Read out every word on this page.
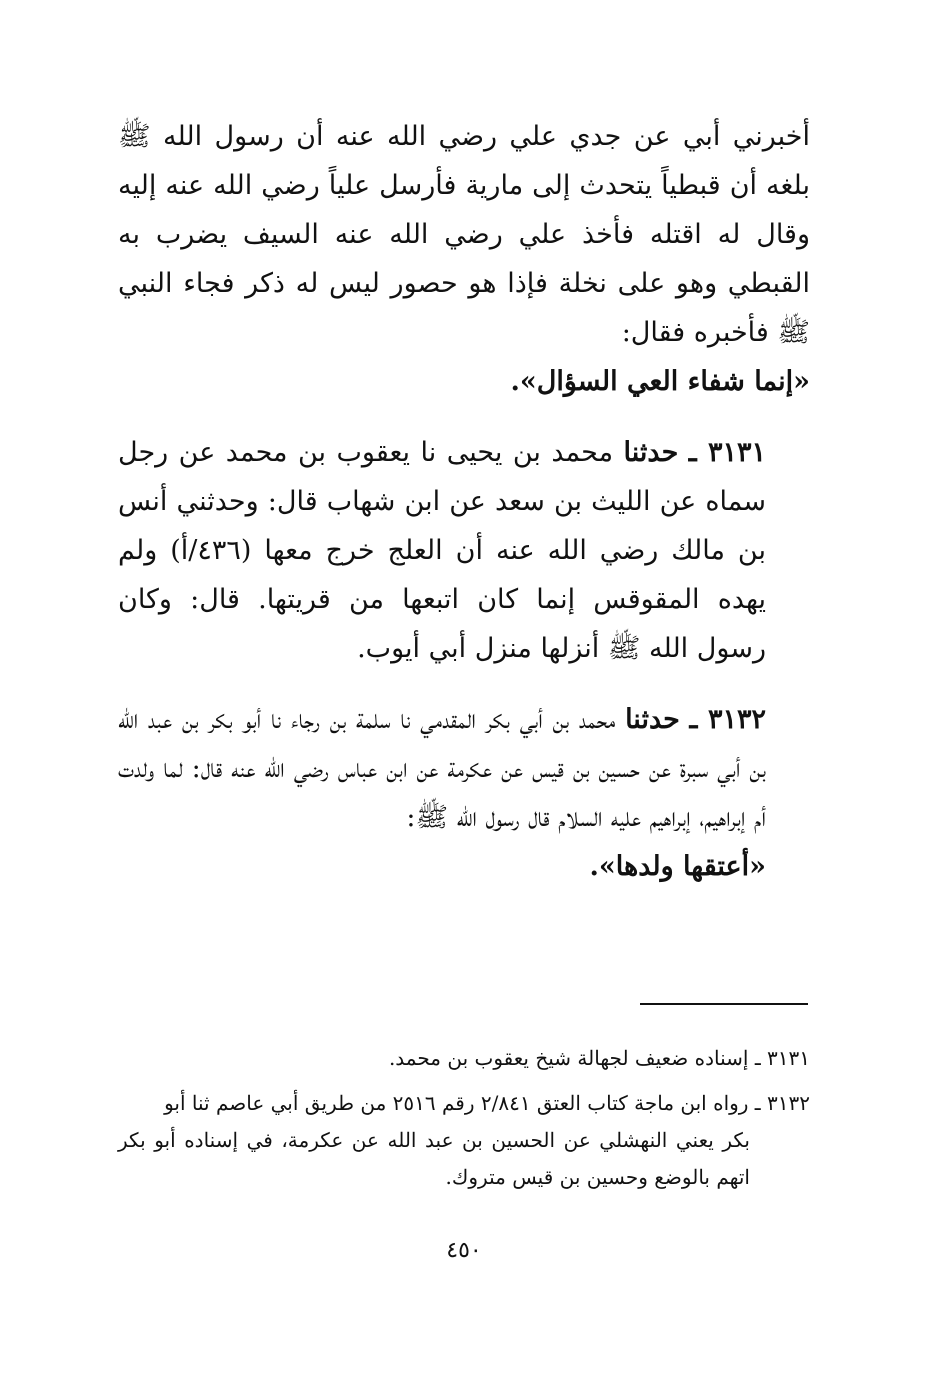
أخبرني أبي عن جدي علي رضي الله عنه أن رسول الله ﷺ بلغه أن قبطياً يتحدث إلى مارية فأرسل علياً رضي الله عنه إليه وقال له اقتله فأخذ علي رضي الله عنه السيف يضرب به القبطي وهو على نخلة فإذا هو حصور ليس له ذكر فجاء النبي ﷺ فأخبره فقال:
«إنما شفاء العي السؤال».

٣١٣١ ـ حدثنا محمد بن يحيى نا يعقوب بن محمد عن رجل سماه عن الليث بن سعد عن ابن شهاب قال: وحدثني أنس بن مالك رضي الله عنه أن العلج خرج معها (٤٣٦/أ) ولم يهده المقوقس إنما كان اتبعها من قريتها. قال: وكان رسول الله ﷺ أنزلها منزل أبي أيوب.

٣١٣٢ ـ حدثنا محمد بن أبي بكر المقدمي نا سلمة بن رجاء نا أبو بكر بن عبد الله بن أبي سبرة عن حسين بن قيس عن عكرمة عن ابن عباس رضي الله عنه قال: لما ولدت أم إبراهيم، إبراهيم عليه السلام قال رسول الله ﷺ:
«أعتقها ولدها».

٣١٣١ ـ إسناده ضعيف لجهالة شيخ يعقوب بن محمد.

٣١٣٢ ـ رواه ابن ماجة كتاب العتق ٢/٨٤١ رقم ٢٥١٦ من طريق أبي عاصم ثنا أبو
بكر يعني النهشلي عن الحسين بن عبد الله عن عكرمة، في إسناده أبو بكر اتهم بالوضع وحسين بن قيس متروك.

٤٥٠
